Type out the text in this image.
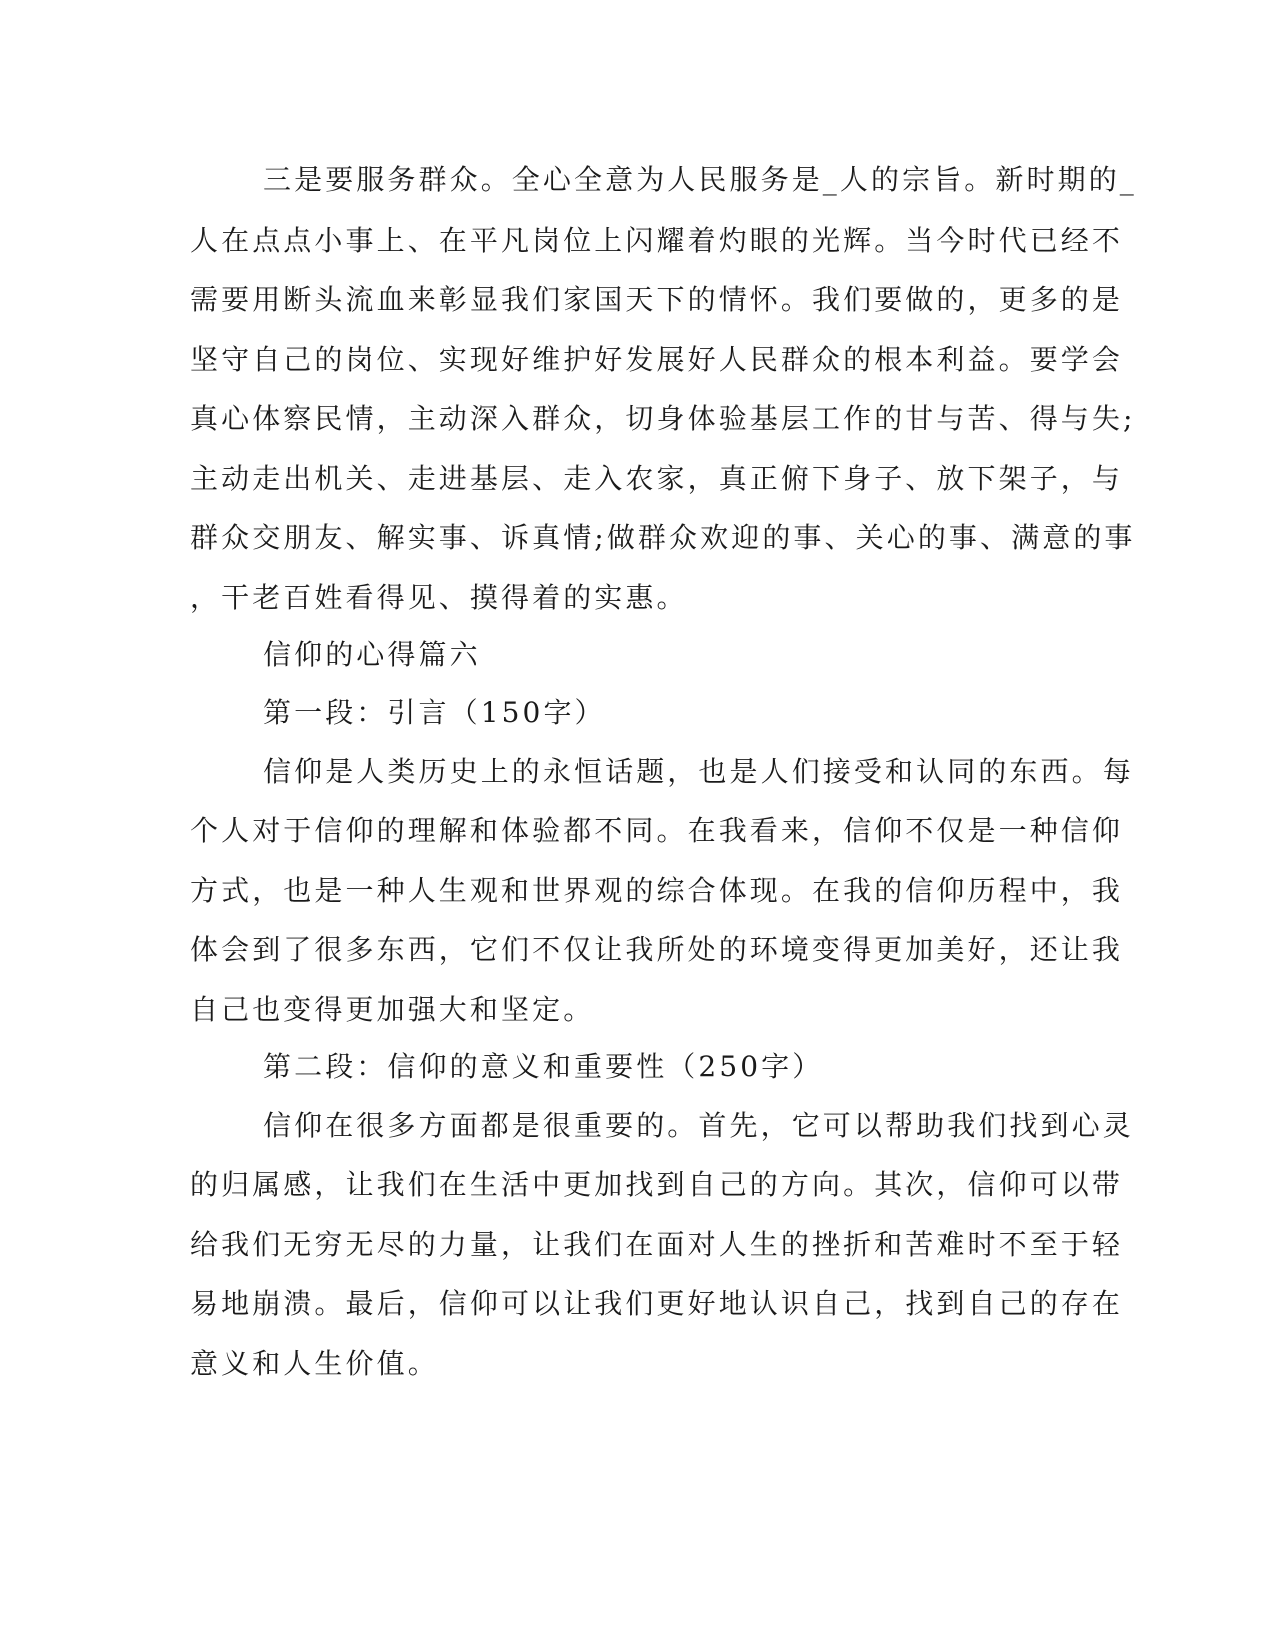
三是要服务群众。全心全意为人民服务是_人的宗旨。新时期的_

人在点点小事上、在平凡岗位上闪耀着灼眼的光辉。当今时代已经不

需要用断头流血来彰显我们家国天下的情怀。我们要做的，更多的是

坚守自己的岗位、实现好维护好发展好人民群众的根本利益。要学会

真心体察民情，主动深入群众，切身体验基层工作的甘与苦、得与失;

主动走出机关、走进基层、走入农家，真正俯下身子、放下架子，与

群众交朋友、解实事、诉真情;做群众欢迎的事、关心的事、满意的事

，干老百姓看得见、摸得着的实惠。

信仰的心得篇六

第一段：引言（150字）

信仰是人类历史上的永恒话题，也是人们接受和认同的东西。每

个人对于信仰的理解和体验都不同。在我看来，信仰不仅是一种信仰

方式，也是一种人生观和世界观的综合体现。在我的信仰历程中，我

体会到了很多东西，它们不仅让我所处的环境变得更加美好，还让我

自己也变得更加强大和坚定。

第二段：信仰的意义和重要性（250字）

信仰在很多方面都是很重要的。首先，它可以帮助我们找到心灵

的归属感，让我们在生活中更加找到自己的方向。其次，信仰可以带

给我们无穷无尽的力量，让我们在面对人生的挫折和苦难时不至于轻

易地崩溃。最后，信仰可以让我们更好地认识自己，找到自己的存在

意义和人生价值。
